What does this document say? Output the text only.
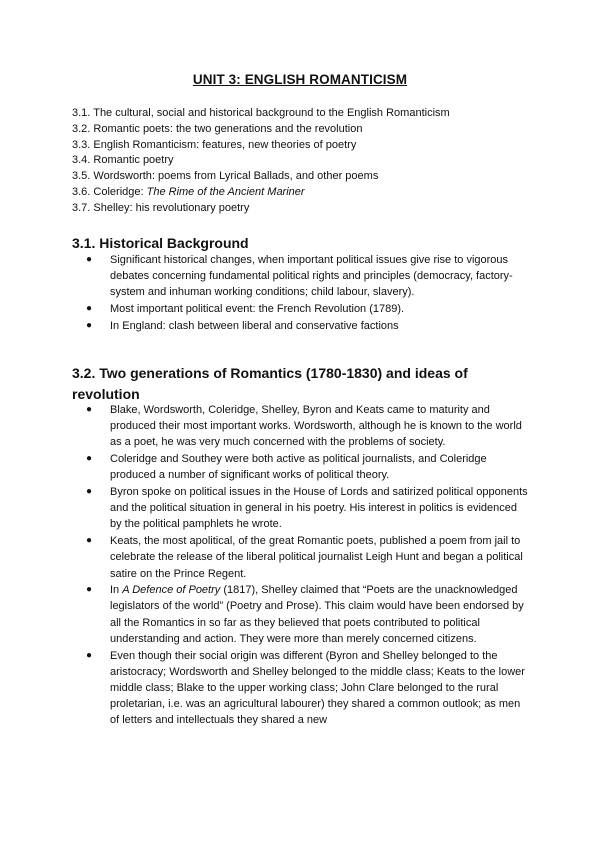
UNIT 3: ENGLISH ROMANTICISM
3.1. The cultural, social and historical background to the English Romanticism
3.2. Romantic poets: the two generations and the revolution
3.3. English Romanticism: features, new theories of poetry
3.4. Romantic poetry
3.5. Wordsworth: poems from Lyrical Ballads, and other poems
3.6. Coleridge: The Rime of the Ancient Mariner
3.7. Shelley: his revolutionary poetry
3.1. Historical Background
● Significant historical changes, when important political issues give rise to vigorous debates concerning fundamental political rights and principles (democracy, factory-system and inhuman working conditions; child labour, slavery).
● Most important political event: the French Revolution (1789).
● In England: clash between liberal and conservative factions
3.2. Two generations of Romantics (1780-1830) and ideas of revolution
● Blake, Wordsworth, Coleridge, Shelley, Byron and Keats came to maturity and produced their most important works. Wordsworth, although he is known to the world as a poet, he was very much concerned with the problems of society.
● Coleridge and Southey were both active as political journalists, and Coleridge produced a number of significant works of political theory.
● Byron spoke on political issues in the House of Lords and satirized political opponents and the political situation in general in his poetry. His interest in politics is evidenced by the political pamphlets he wrote.
● Keats, the most apolitical, of the great Romantic poets, published a poem from jail to celebrate the release of the liberal political journalist Leigh Hunt and began a political satire on the Prince Regent.
● In A Defence of Poetry (1817), Shelley claimed that “Poets are the unacknowledged legislators of the world” (Poetry and Prose). This claim would have been endorsed by all the Romantics in so far as they believed that poets contributed to political understanding and action. They were more than merely concerned citizens.
● Even though their social origin was different (Byron and Shelley belonged to the aristocracy; Wordsworth and Shelley belonged to the middle class; Keats to the lower middle class; Blake to the upper working class; John Clare belonged to the rural proletarian, i.e. was an agricultural labourer) they shared a common outlook; as men of letters and intellectuals they shared a new
